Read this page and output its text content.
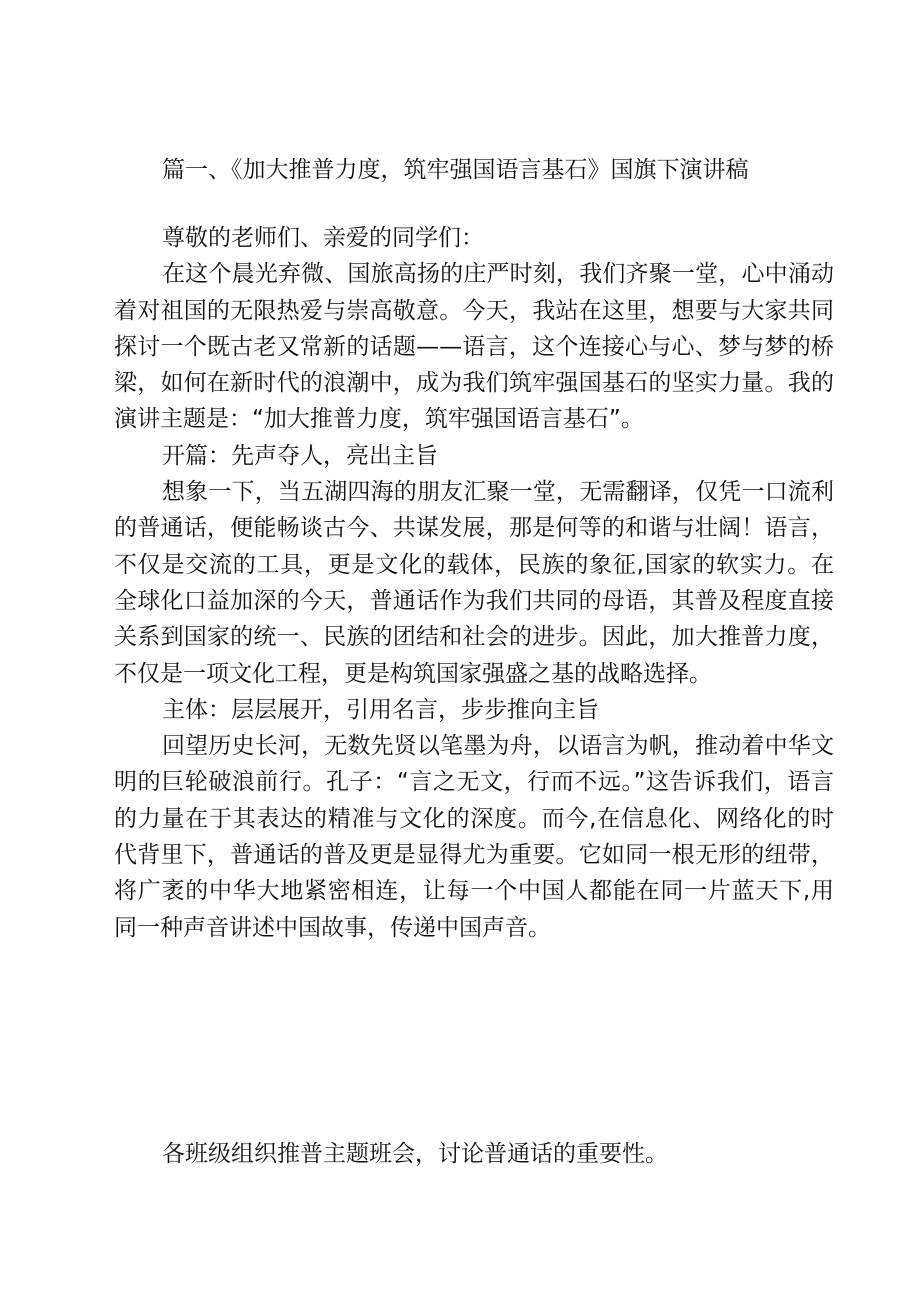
篇一、《加大推普力度，筑牢强国语言基石》国旗下演讲稿

尊敬的老师们、亲爱的同学们：

在这个晨光弃微、国旅高扬的庄严时刻，我们齐聚一堂，心中涌动着对祖国的无限热爱与崇高敬意。今天，我站在这里，想要与大家共同探讨一个既古老又常新的话题——语言，这个连接心与心、梦与梦的桥梁，如何在新时代的浪潮中，成为我们筑牢强国基石的坚实力量。我的演讲主题是：“加大推普力度，筑牢强国语言基石”。

开篇：先声夺人，亮出主旨

想象一下，当五湖四海的朋友汇聚一堂，无需翻译，仅凭一口流利的普通话，便能畅谈古今、共谋发展，那是何等的和谐与壮阔！语言，不仅是交流的工具，更是文化的载体，民族的象征,国家的软实力。在全球化口益加深的今天，普通话作为我们共同的母语，其普及程度直接关系到国家的统一、民族的团结和社会的进步。因此，加大推普力度，不仅是一项文化工程，更是构筑国家强盛之基的战略选择。

主体：层层展开，引用名言，步步推向主旨

回望历史长河，无数先贤以笔墨为舟，以语言为帆，推动着中华文明的巨轮破浪前行。孔子：“言之无文，行而不远。”这告诉我们，语言的力量在于其表达的精准与文化的深度。而今,在信息化、网络化的时代背里下，普通话的普及更是显得尤为重要。它如同一根无形的纽带，将广袤的中华大地紧密相连，让每一个中国人都能在同一片蓝天下,用同一种声音讲述中国故事，传递中国声音。

各班级组织推普主题班会，讨论普通话的重要性。
